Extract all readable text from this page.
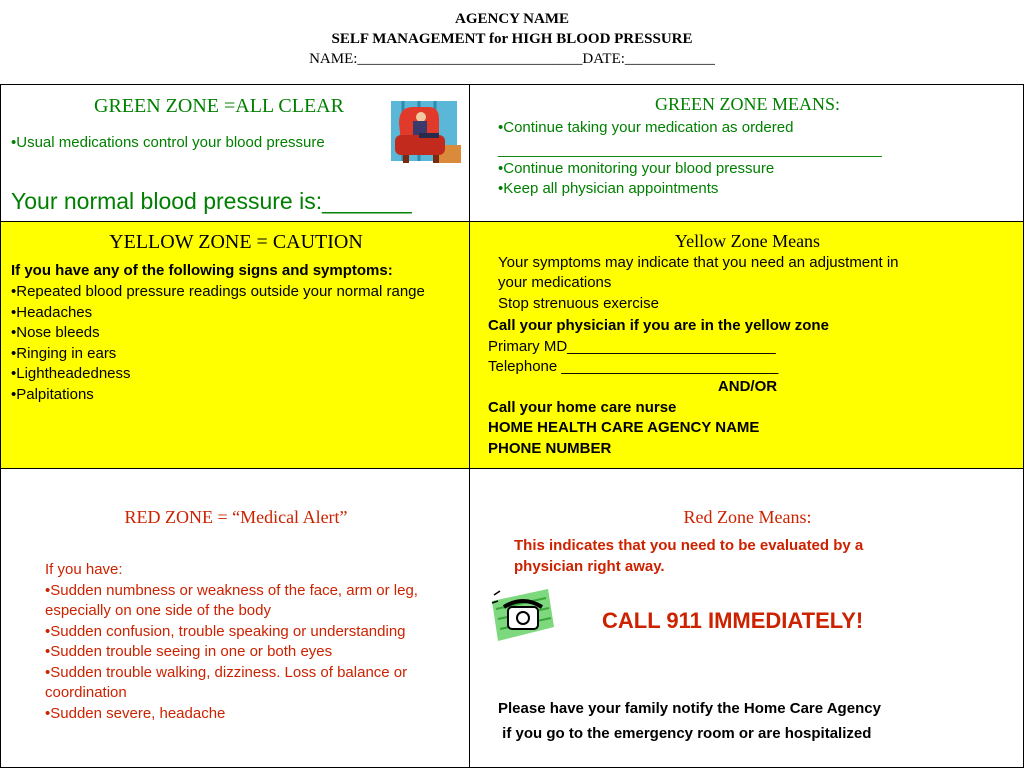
AGENCY NAME
SELF MANAGEMENT for HIGH BLOOD PRESSURE
NAME:______________________________DATE:____________
GREEN ZONE =ALL CLEAR
•Usual medications control your blood pressure
Your normal blood pressure is:_______
GREEN ZONE MEANS:
•Continue taking your medication as ordered
______________________________________________
•Continue monitoring your blood pressure
•Keep all physician appointments
YELLOW ZONE = CAUTION
If you have any of the following signs and symptoms:
•Repeated blood pressure readings outside your normal range
•Headaches
•Nose bleeds
•Ringing in ears
•Lightheadedness
•Palpitations
Yellow Zone Means
Your symptoms may indicate that you need an adjustment in
your medications
Stop strenuous exercise
Call your physician if you are in the yellow zone
Primary MD_________________________
Telephone __________________________
AND/OR
Call your home care nurse
HOME HEALTH CARE AGENCY NAME
PHONE NUMBER
RED ZONE = “Medical Alert”
If you have:
•Sudden numbness or weakness of the face, arm or leg, especially on one side of the body
•Sudden confusion, trouble speaking or understanding
•Sudden trouble seeing in one or both eyes
•Sudden trouble walking, dizziness. Loss of balance or coordination
•Sudden severe, headache
Red Zone Means:
This indicates that you need to be evaluated by a physician right away.
CALL 911 IMMEDIATELY!
Please have your family notify the Home Care Agency
if you go to the emergency room or are hospitalized
